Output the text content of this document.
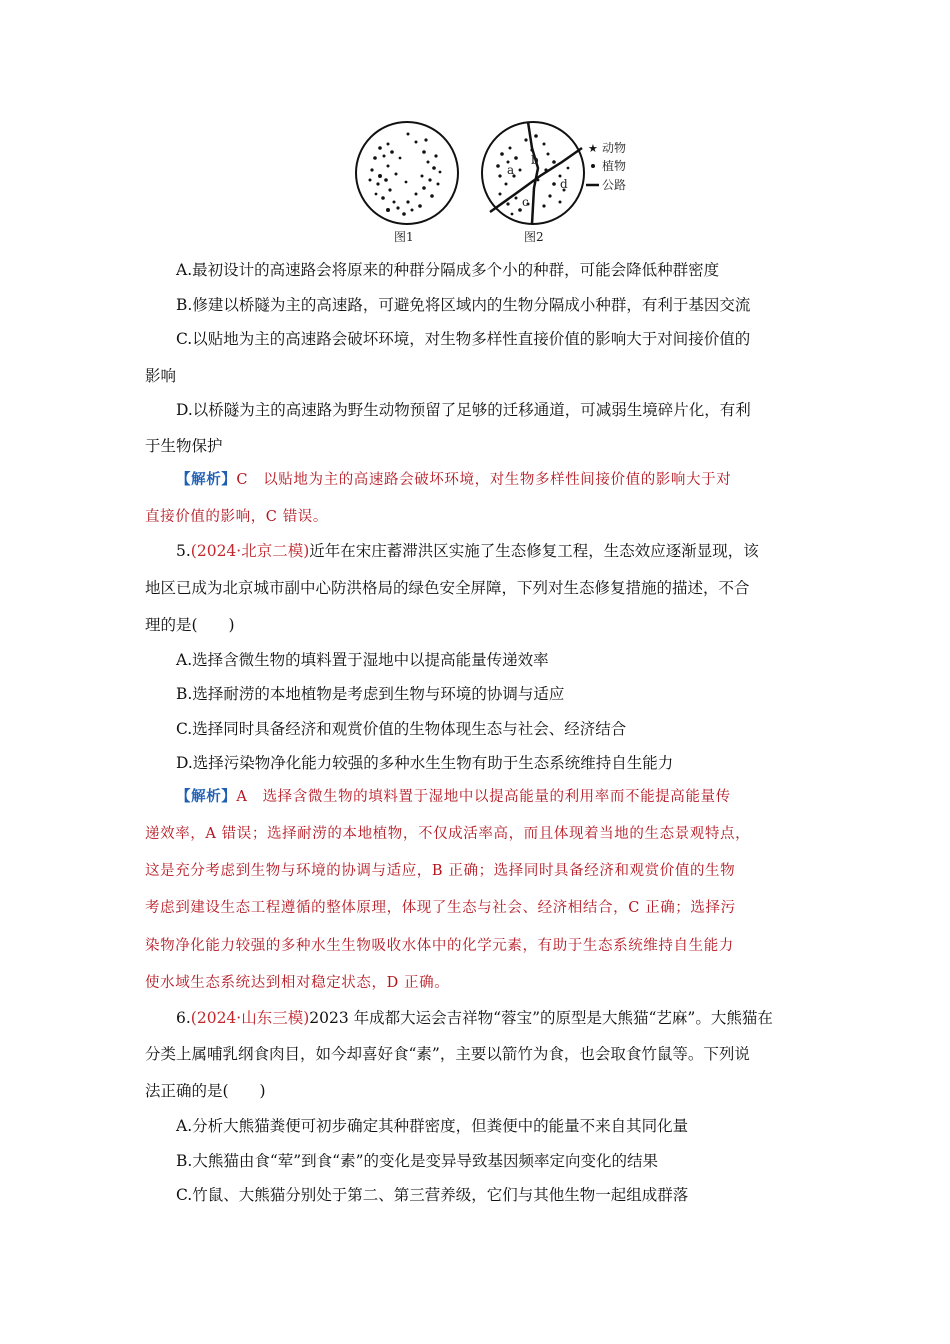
图1
a
b
c
d
图2
★ 动物
植物
公路
A.最初设计的高速路会将原来的种群分隔成多个小的种群，可能会降低种群密度
B.修建以桥隧为主的高速路，可避免将区域内的生物分隔成小种群，有利于基因交流
C.以贴地为主的高速路会破坏环境，对生物多样性直接价值的影响大于对间接价值的
影响
D.以桥隧为主的高速路为野生动物预留了足够的迁移通道，可减弱生境碎片化，有利
于生物保护
【解析】C　以贴地为主的高速路会破坏环境，对生物多样性间接价值的影响大于对
直接价值的影响，C 错误。
5.(2024·北京二模)近年在宋庄蓄滞洪区实施了生态修复工程，生态效应逐渐显现，该
地区已成为北京城市副中心防洪格局的绿色安全屏障，下列对生态修复措施的描述，不合
理的是(　　)
A.选择含微生物的填料置于湿地中以提高能量传递效率
B.选择耐涝的本地植物是考虑到生物与环境的协调与适应
C.选择同时具备经济和观赏价值的生物体现生态与社会、经济结合
D.选择污染物净化能力较强的多种水生生物有助于生态系统维持自生能力
【解析】A　选择含微生物的填料置于湿地中以提高能量的利用率而不能提高能量传
递效率，A 错误；选择耐涝的本地植物，不仅成活率高，而且体现着当地的生态景观特点，
这是充分考虑到生物与环境的协调与适应，B 正确；选择同时具备经济和观赏价值的生物
考虑到建设生态工程遵循的整体原理，体现了生态与社会、经济相结合，C 正确；选择污
染物净化能力较强的多种水生生物吸收水体中的化学元素，有助于生态系统维持自生能力
使水域生态系统达到相对稳定状态，D 正确。
6.(2024·山东三模)2023 年成都大运会吉祥物“蓉宝”的原型是大熊猫“艺麻”。大熊猫在
分类上属哺乳纲食肉目，如今却喜好食“素”，主要以箭竹为食，也会取食竹鼠等。下列说
法正确的是(　　)
A.分析大熊猫粪便可初步确定其种群密度，但粪便中的能量不来自其同化量
B.大熊猫由食“荤”到食“素”的变化是变异导致基因频率定向变化的结果
C.竹鼠、大熊猫分别处于第二、第三营养级，它们与其他生物一起组成群落
